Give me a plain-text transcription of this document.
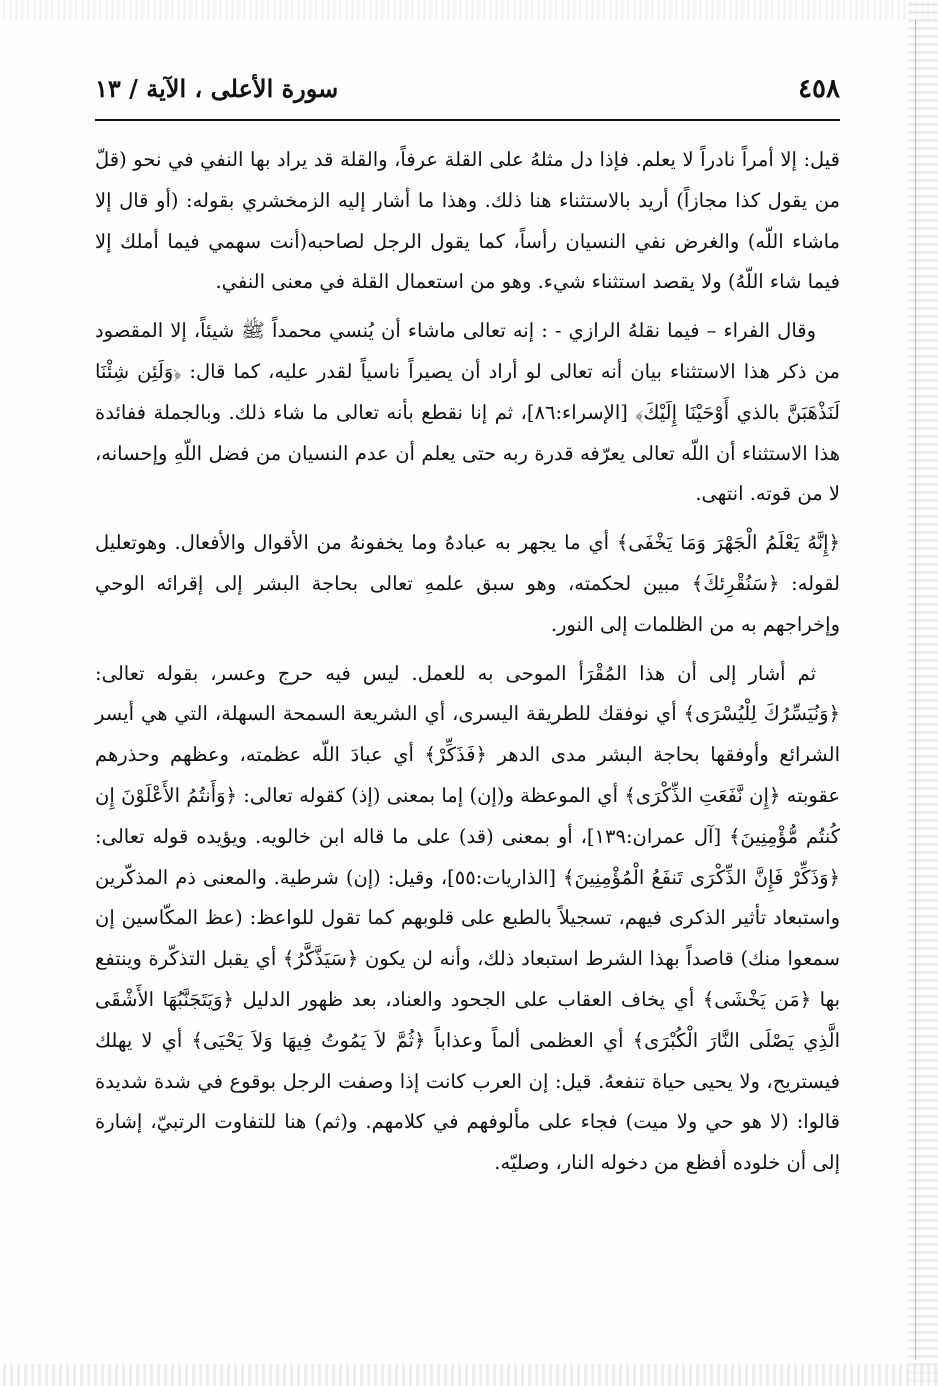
٤٥٨
سورة الأعلى ، الآية / ١٣

قيل: إلا أمراً نادراً لا يعلم. فإذا دل مثلهُ على القلة عرفاً، والقلة قد يراد بها النفي في نحو (قلّ من يقول كذا مجازاً) أريد بالاستثناء هنا ذلك. وهذا ما أشار إليه الزمخشري بقوله: (أو قال إلا ماشاء اللّه) والغرض نفي النسيان رأساً، كما يقول الرجل لصاحبه(أنت سهمي فيما أملك إلا فيما شاء اللّهُ) ولا يقصد استثناء شيء. وهو من استعمال القلة في معنى النفي.

وقال الفراء – فيما نقلهُ الرازي - : إنه تعالى ماشاء أن يُنسي محمداً ﷺ شيئاً، إلا المقصود من ذكر هذا الاستثناء بيان أنه تعالى لو أراد أن يصيراً ناسياً لقدر عليه، كما قال: ﴿وَلَئِن شِئْنَا لَنَذْهَبَنَّ بالذي أَوْحَيْنَا إِلَيْكَ﴾ [الإسراء:٨٦]، ثم إنا نقطع بأنه تعالى ما شاء ذلك. وبالجملة ففائدة هذا الاستثناء أن اللّه تعالى يعرّفه قدرة ربه حتى يعلم أن عدم النسيان من فضل اللّهِ وإحسانه، لا من قوته. انتهى.

﴿إِنَّهُ يَعْلَمُ الْجَهْرَ وَمَا يَخْفَى﴾ أي ما يجهر به عبادهُ وما يخفونهُ من الأقوال والأفعال. وهوتعليل لقوله: ﴿سَنُقْرِئكَ﴾ مبين لحكمته، وهو سبق علمهِ تعالى بحاجة البشر إلى إقرائه الوحي وإخراجهم به من الظلمات إلى النور.

ثم أشار إلى أن هذا المُقْرَأ الموحى به للعمل. ليس فيه حرج وعسر، بقوله تعالى: ﴿وَنُيَسِّرُكَ لِلْيُسْرَى﴾ أي نوفقك للطريقة اليسرى، أي الشريعة السمحة السهلة، التي هي أيسر الشرائع وأوفقها بحاجة البشر مدى الدهر ﴿فَذَكِّرْ﴾ أي عبادَ اللّه عظمته، وعظهم وحذرهم عقوبته ﴿إِن نَّفَعَتِ الذِّكْرَى﴾ أي الموعظة و(إن) إما بمعنى (إذ) كقوله تعالى: ﴿وَأَنتُمُ الأَعْلَوْنَ إِن كُنتُم مُّؤْمِنِينَ﴾ [آل عمران:١٣٩]، أو بمعنى (قد) على ما قاله ابن خالويه. ويؤيده قوله تعالى: ﴿وَذَكِّرْ فَإِنَّ الذِّكْرَى تَنفَعُ الْمُؤْمِنِينَ﴾ [الذاريات:٥٥]، وقيل: (إن) شرطية. والمعنى ذم المذكّرين واستبعاد تأثير الذكرى فيهم، تسجيلاً بالطبع على قلوبهم كما تقول للواعظ: (عظ المكّاسين إن سمعوا منك) قاصداً بهذا الشرط استبعاد ذلك، وأنه لن يكون ﴿سَيَذَّكَّرُ﴾ أي يقبل التذكّرة وينتفع بها ﴿مَن يَخْشَى﴾ أي يخاف العقاب على الجحود والعناد، بعد ظهور الدليل ﴿وَيَتَجَنَّبُهَا الأَشْقَى الَّذِي يَصْلَى النَّارَ الْكُبْرَى﴾ أي العظمى ألماً وعذاباً ﴿ثُمَّ لاَ يَمُوتُ فِيهَا وَلاَ يَحْيَى﴾ أي لا يهلك فيستريح، ولا يحيى حياة تنفعهُ. قيل: إن العرب كانت إذا وصفت الرجل بوقوع في شدة شديدة قالوا: (لا هو حي ولا ميت) فجاء على مألوفهم في كلامهم. و(ثم) هنا للتفاوت الرتبيّ، إشارة إلى أن خلوده أفظع من دخوله النار، وصليّه.
